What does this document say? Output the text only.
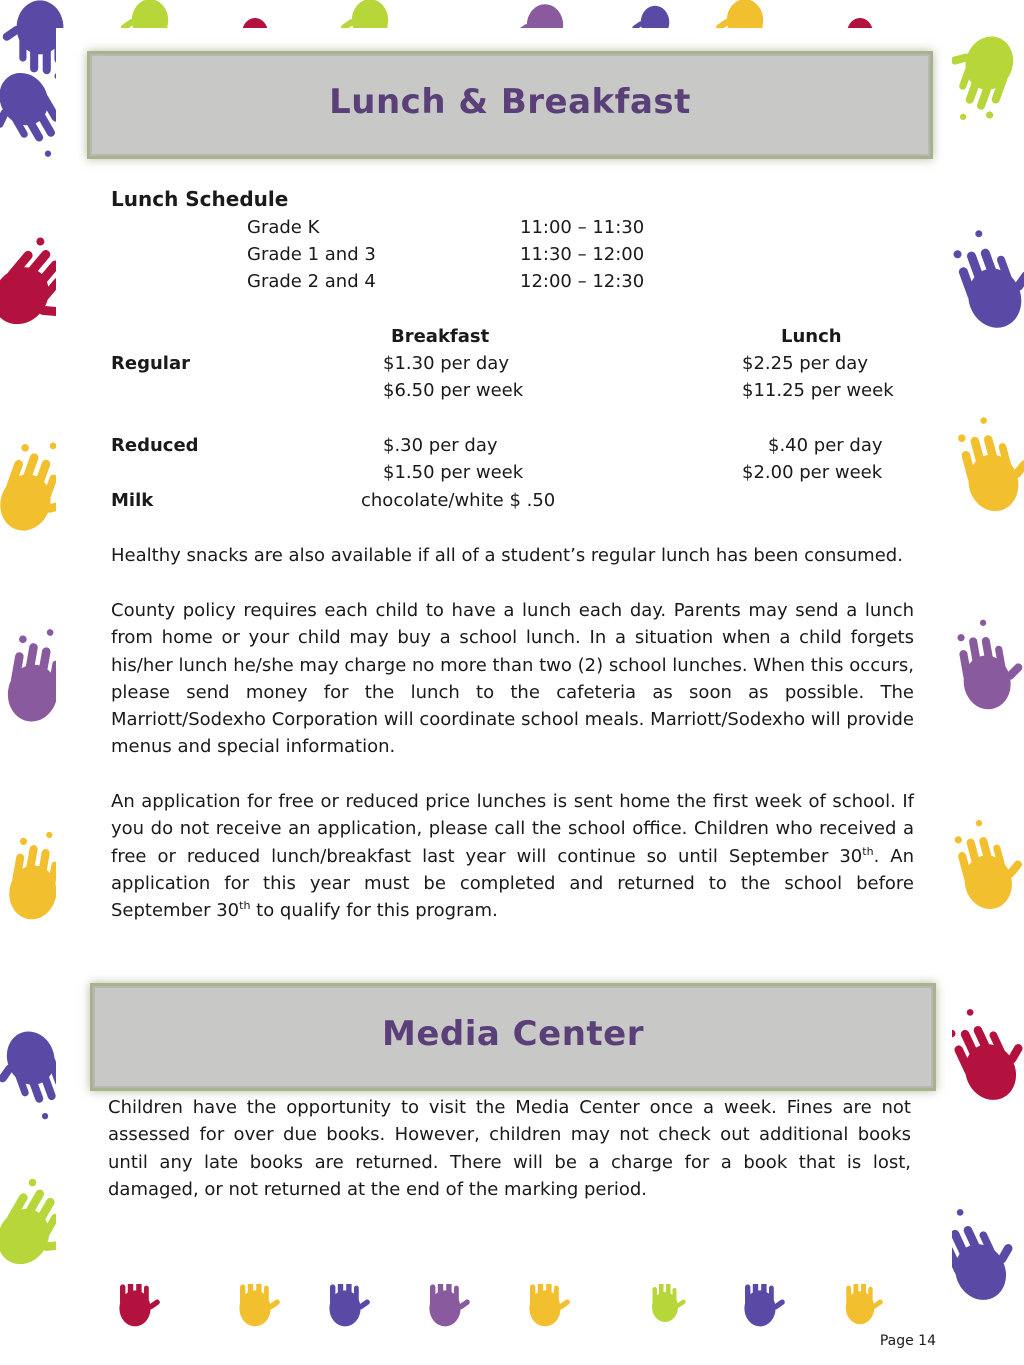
Lunch & Breakfast
Lunch Schedule
Grade K	11:00 – 11:30
Grade 1 and 3	11:30 – 12:00
Grade 2 and 4	12:00 – 12:30
Breakfast	Lunch
Regular	$1.30 per day	$2.25 per day
$6.50 per week	$11.25 per week
Reduced	$.30 per day	$.40 per day
$1.50 per week	$2.00 per week
Milk	chocolate/white $ .50
Healthy snacks are also available if all of a student’s regular lunch has been consumed.
County policy requires each child to have a lunch each day. Parents may send a lunch from home or your child may buy a school lunch. In a situation when a child forgets his/her lunch he/she may charge no more than two (2) school lunches. When this occurs, please send money for the lunch to the cafeteria as soon as possible. The Marriott/Sodexho Corporation will coordinate school meals. Marriott/Sodexho will provide menus and special information.
An application for free or reduced price lunches is sent home the first week of school. If you do not receive an application, please call the school office. Children who received a free or reduced lunch/breakfast last year will continue so until September 30th. An application for this year must be completed and returned to the school before September 30th to qualify for this program.
Media Center
Children have the opportunity to visit the Media Center once a week. Fines are not assessed for over due books. However, children may not check out additional books until any late books are returned. There will be a charge for a book that is lost, damaged, or not returned at the end of the marking period.
Page 14
